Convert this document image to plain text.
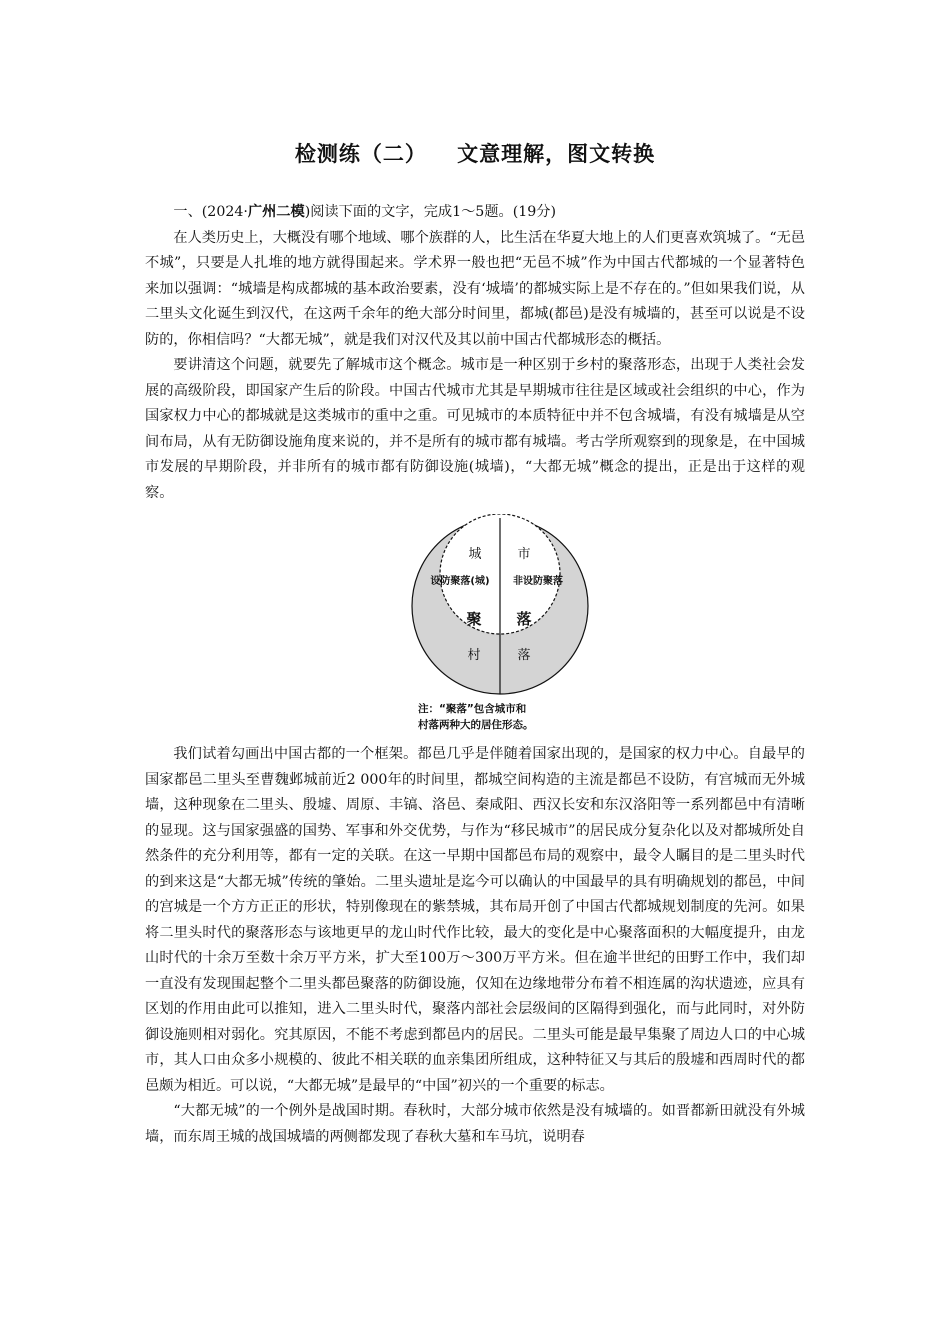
检测练（二） 文意理解，图文转换

一、(2024·广州二模)阅读下面的文字，完成1～5题。(19分)

在人类历史上，大概没有哪个地域、哪个族群的人，比生活在华夏大地上的人们更喜欢筑城了。“无邑不城”，只要是人扎堆的地方就得围起来。学术界一般也把“无邑不城”作为中国古代都城的一个显著特色来加以强调：“城墙是构成都城的基本政治要素，没有‘城墙’的都城实际上是不存在的。”但如果我们说，从二里头文化诞生到汉代，在这两千余年的绝大部分时间里，都城(都邑)是没有城墙的，甚至可以说是不设防的，你相信吗？“大都无城”，就是我们对汉代及其以前中国古代都城形态的概括。

要讲清这个问题，就要先了解城市这个概念。城市是一种区别于乡村的聚落形态，出现于人类社会发展的高级阶段，即国家产生后的阶段。中国古代城市尤其是早期城市往往是区域或社会组织的中心，作为国家权力中心的都城就是这类城市的重中之重。可见城市的本质特征中并不包含城墙，有没有城墙是从空间布局，从有无防御设施角度来说的，并不是所有的城市都有城墙。考古学所观察到的现象是，在中国城市发展的早期阶段，并非所有的城市都有防御设施(城墙)，“大都无城”概念的提出，正是出于这样的观察。

城	市
设防聚落(城) 非设防聚落
聚 落
村	落
注：“聚落”包含城市和
村落两种大的居住形态。

我们试着勾画出中国古都的一个框架。都邑几乎是伴随着国家出现的，是国家的权力中心。自最早的国家都邑二里头至曹魏邺城前近2 000年的时间里，都城空间构造的主流是都邑不设防，有宫城而无外城墙，这种现象在二里头、殷墟、周原、丰镐、洛邑、秦咸阳、西汉长安和东汉洛阳等一系列都邑中有清晰的显现。这与国家强盛的国势、军事和外交优势，与作为“移民城市”的居民成分复杂化以及对都城所处自然条件的充分利用等，都有一定的关联。在这一早期中国都邑布局的观察中，最令人瞩目的是二里头时代的到来这是“大都无城”传统的肇始。二里头遗址是迄今可以确认的中国最早的具有明确规划的都邑，中间的宫城是一个方方正正的形状，特别像现在的紫禁城，其布局开创了中国古代都城规划制度的先河。如果将二里头时代的聚落形态与该地更早的龙山时代作比较，最大的变化是中心聚落面积的大幅度提升，由龙山时代的十余万至数十余万平方米，扩大至100万～300万平方米。但在逾半世纪的田野工作中，我们却一直没有发现围起整个二里头都邑聚落的防御设施，仅知在边缘地带分布着不相连属的沟状遗迹，应具有区划的作用由此可以推知，进入二里头时代，聚落内部社会层级间的区隔得到强化，而与此同时，对外防御设施则相对弱化。究其原因，不能不考虑到都邑内的居民。二里头可能是最早集聚了周边人口的中心城市，其人口由众多小规模的、彼此不相关联的血亲集团所组成，这种特征又与其后的殷墟和西周时代的都邑颇为相近。可以说，“大都无城”是最早的“中国”初兴的一个重要的标志。

“大都无城”的一个例外是战国时期。春秋时，大部分城市依然是没有城墙的。如晋都新田就没有外城墙，而东周王城的战国城墙的两侧都发现了春秋大墓和车马坑，说明春
